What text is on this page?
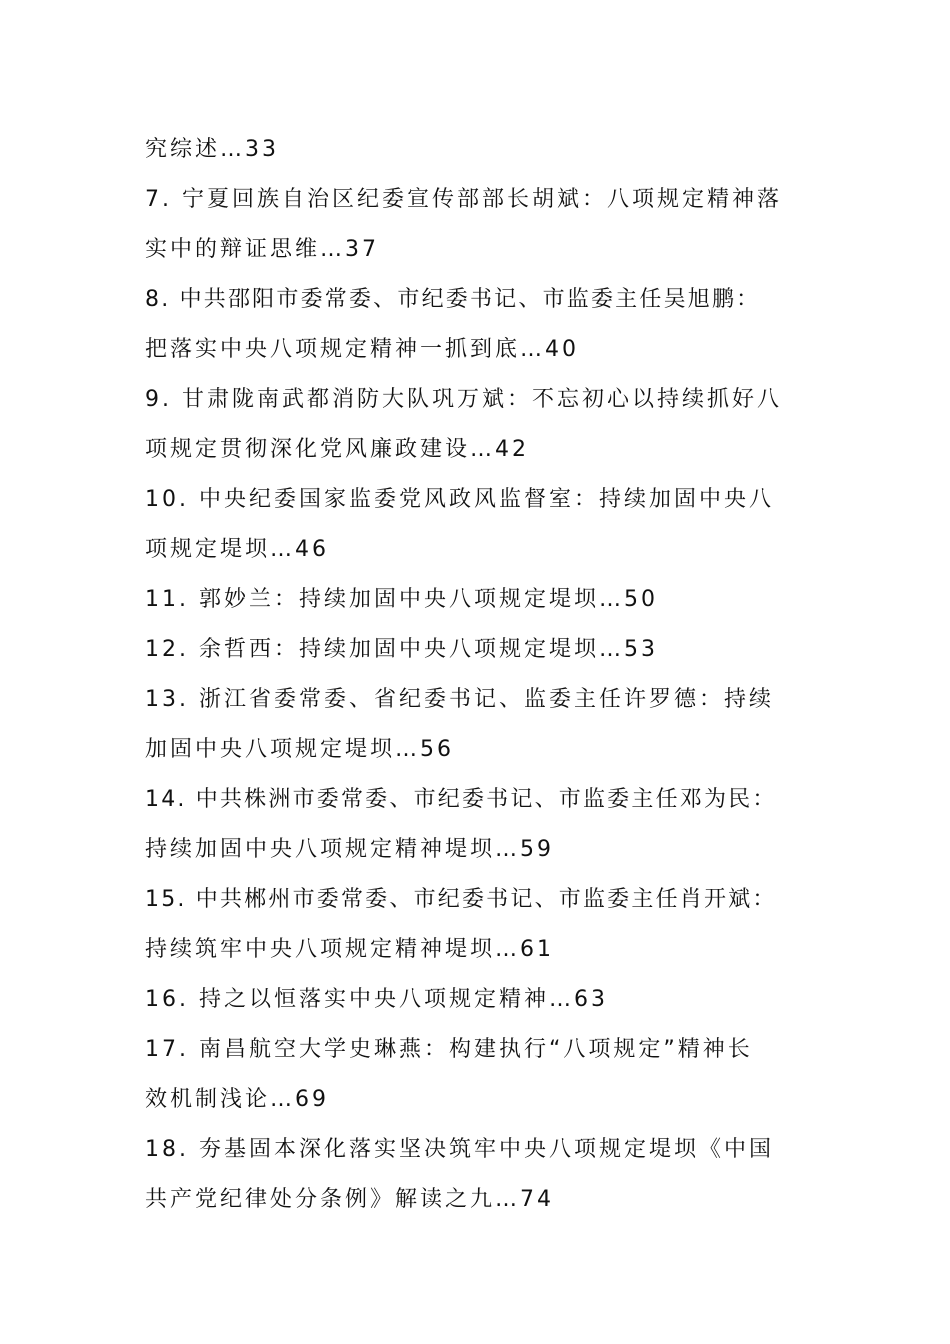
究综述…33
7. 宁夏回族自治区纪委宣传部部长胡斌：八项规定精神落
实中的辩证思维…37
8. 中共邵阳市委常委、市纪委书记、市监委主任吴旭鹏：
把落实中央八项规定精神一抓到底…40
9. 甘肃陇南武都消防大队巩万斌：不忘初心以持续抓好八
项规定贯彻深化党风廉政建设…42
10. 中央纪委国家监委党风政风监督室：持续加固中央八
项规定堤坝…46
11. 郭妙兰：持续加固中央八项规定堤坝…50
12. 余哲西：持续加固中央八项规定堤坝…53
13. 浙江省委常委、省纪委书记、监委主任许罗德：持续
加固中央八项规定堤坝…56
14. 中共株洲市委常委、市纪委书记、市监委主任邓为民：
持续加固中央八项规定精神堤坝…59
15. 中共郴州市委常委、市纪委书记、市监委主任肖开斌：
持续筑牢中央八项规定精神堤坝…61
16. 持之以恒落实中央八项规定精神…63
17. 南昌航空大学史琳燕：构建执行“八项规定”精神长
效机制浅论…69
18. 夯基固本深化落实坚决筑牢中央八项规定堤坝《中国
共产党纪律处分条例》解读之九…74
